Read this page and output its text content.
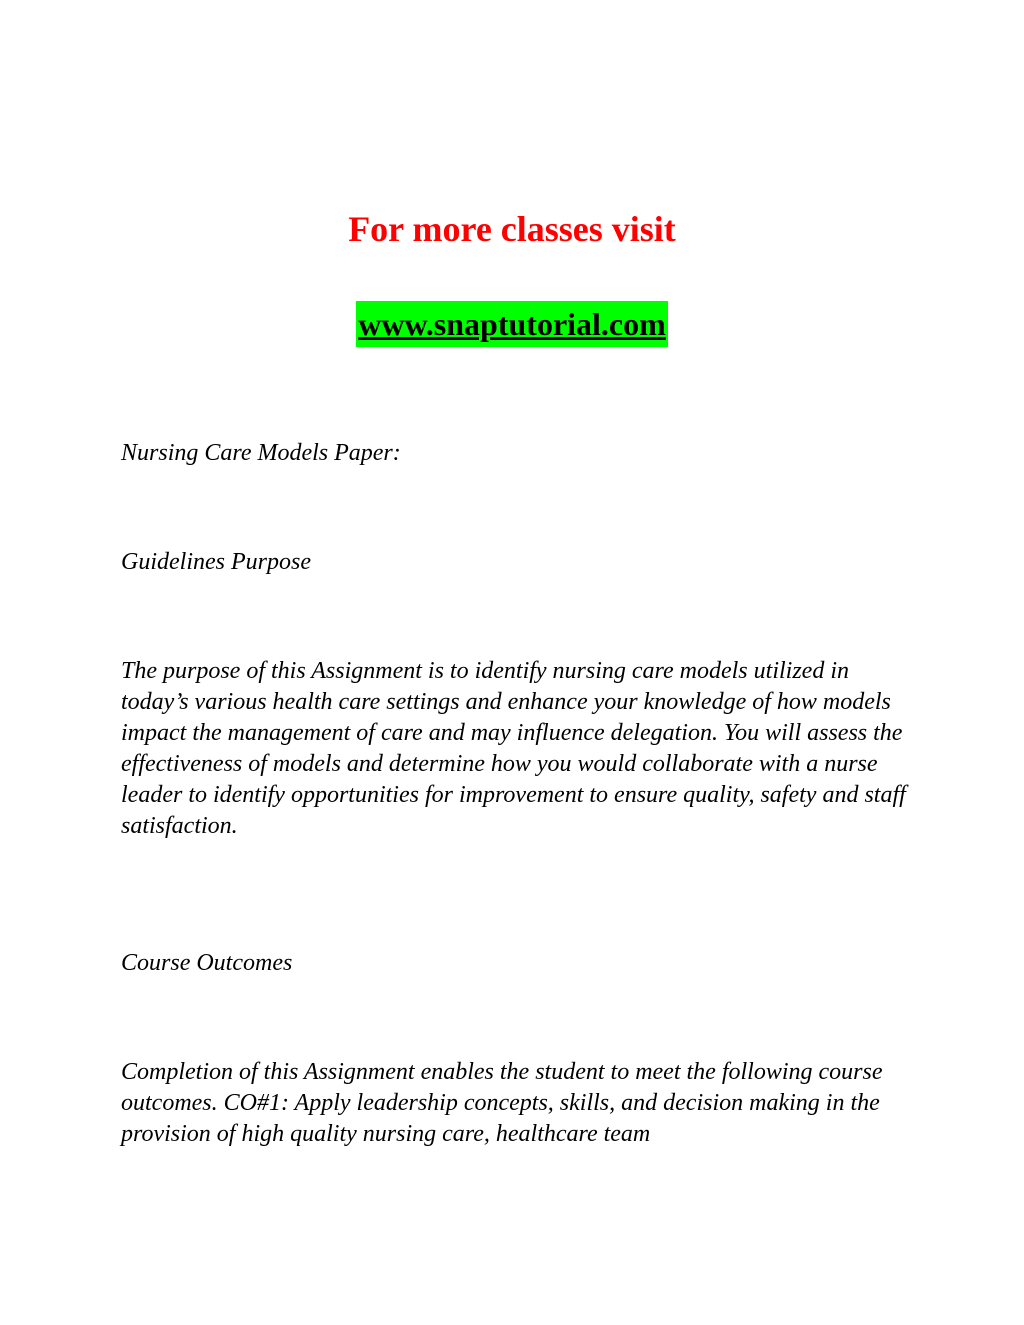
For more classes visit
www.snaptutorial.com

Nursing Care Models Paper:

Guidelines Purpose

The purpose of this Assignment is to identify nursing care models utilized in today’s various health care settings and enhance your knowledge of how models impact the management of care and may influence delegation. You will assess the effectiveness of models and determine how you would collaborate with a nurse leader to identify opportunities for improvement to ensure quality, safety and staff satisfaction.

Course Outcomes

Completion of this Assignment enables the student to meet the following course outcomes. CO#1: Apply leadership concepts, skills, and decision making in the provision of high quality nursing care, healthcare team
